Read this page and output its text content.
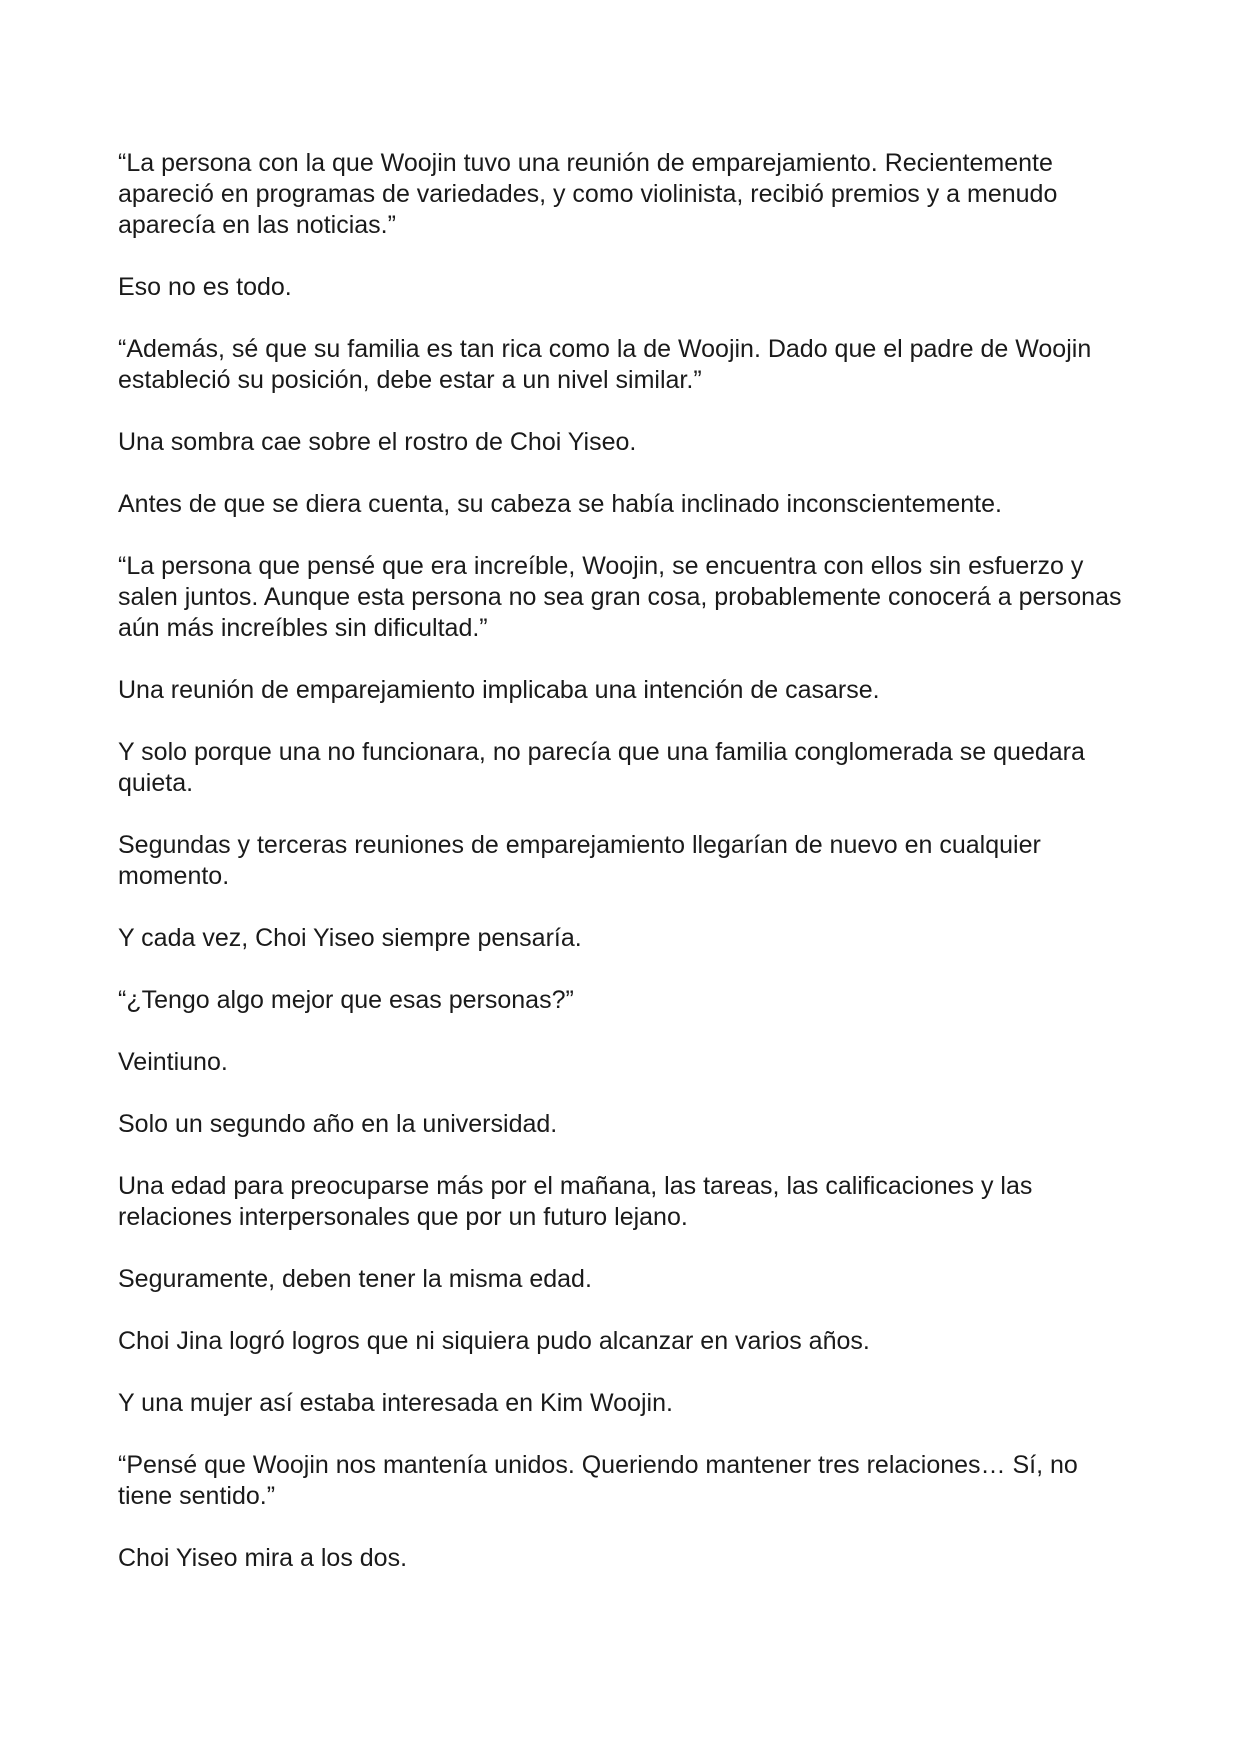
“La persona con la que Woojin tuvo una reunión de emparejamiento. Recientemente apareció en programas de variedades, y como violinista, recibió premios y a menudo aparecía en las noticias.”

Eso no es todo.

“Además, sé que su familia es tan rica como la de Woojin. Dado que el padre de Woojin estableció su posición, debe estar a un nivel similar.”

Una sombra cae sobre el rostro de Choi Yiseo.

Antes de que se diera cuenta, su cabeza se había inclinado inconscientemente.

“La persona que pensé que era increíble, Woojin, se encuentra con ellos sin esfuerzo y salen juntos. Aunque esta persona no sea gran cosa, probablemente conocerá a personas aún más increíbles sin dificultad.”

Una reunión de emparejamiento implicaba una intención de casarse.

Y solo porque una no funcionara, no parecía que una familia conglomerada se quedara quieta.

Segundas y terceras reuniones de emparejamiento llegarían de nuevo en cualquier momento.

Y cada vez, Choi Yiseo siempre pensaría.

“¿Tengo algo mejor que esas personas?”

Veintiuno.

Solo un segundo año en la universidad.

Una edad para preocuparse más por el mañana, las tareas, las calificaciones y las relaciones interpersonales que por un futuro lejano.

Seguramente, deben tener la misma edad.

Choi Jina logró logros que ni siquiera pudo alcanzar en varios años.

Y una mujer así estaba interesada en Kim Woojin.

“Pensé que Woojin nos mantenía unidos. Queriendo mantener tres relaciones… Sí, no tiene sentido.”

Choi Yiseo mira a los dos.
